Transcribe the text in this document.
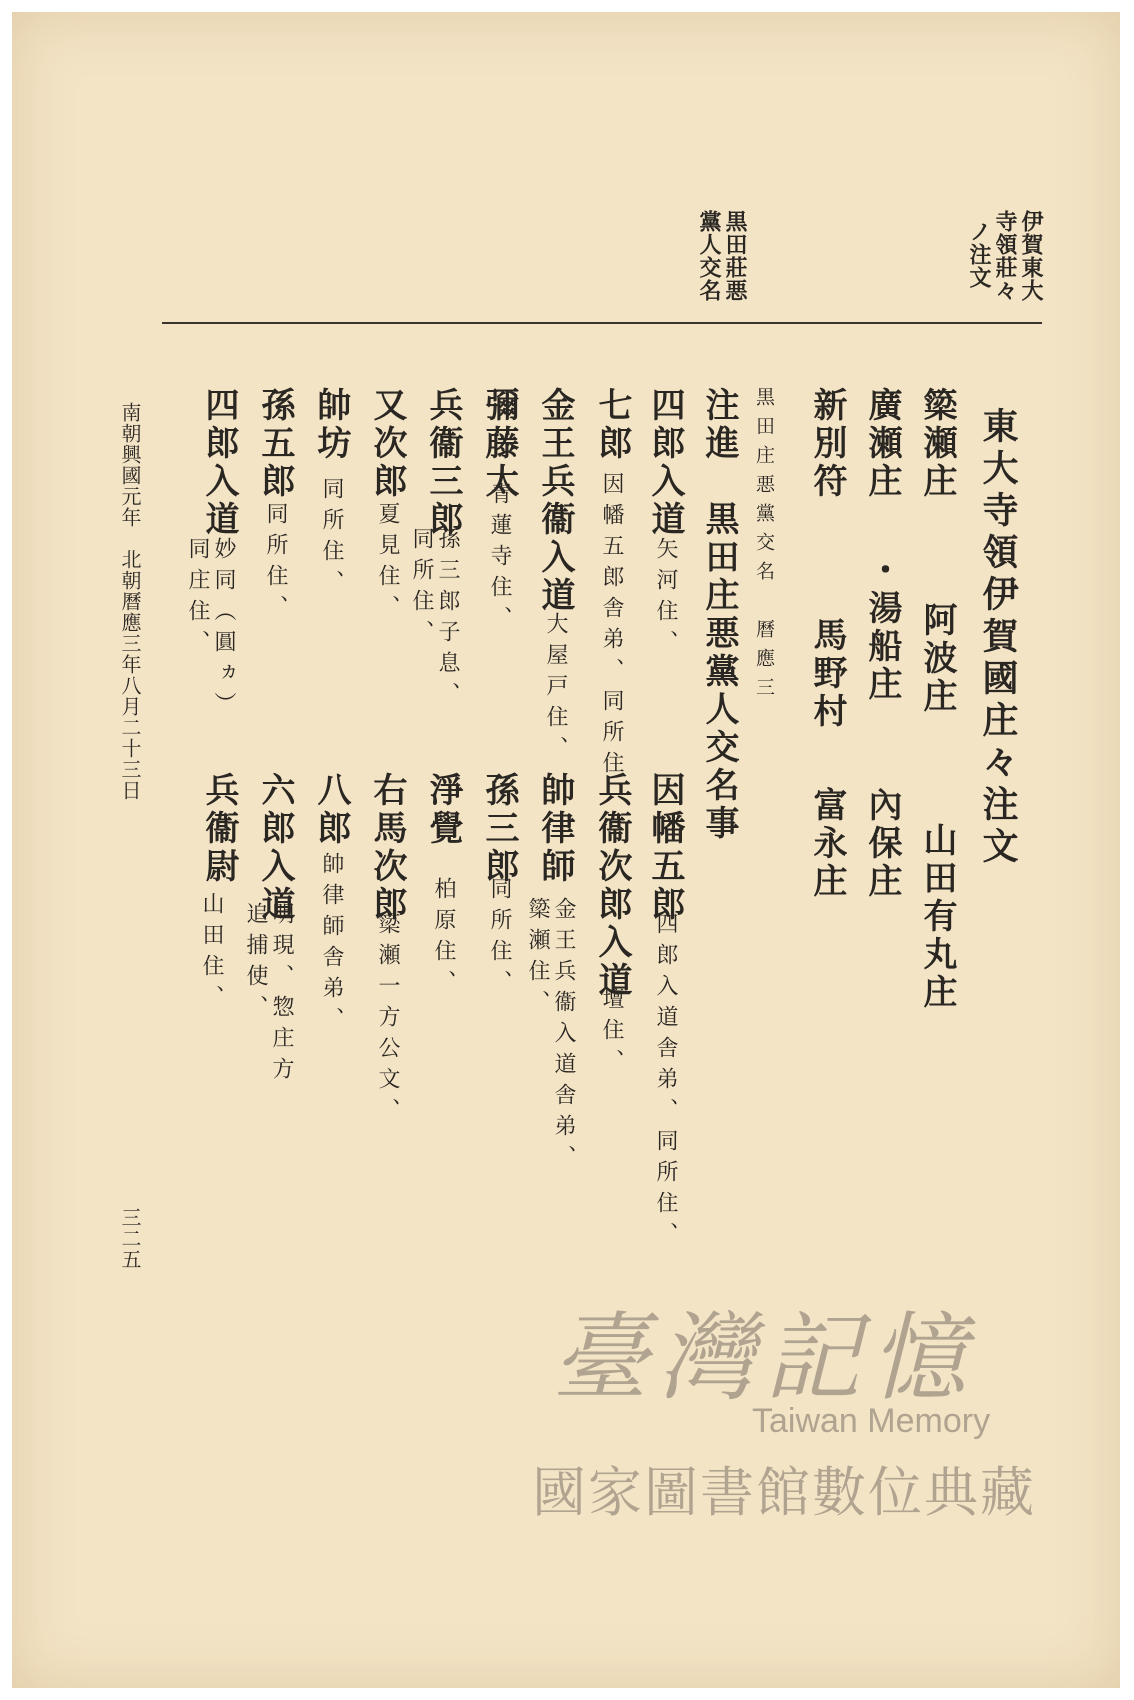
伊賀東大
寺領莊々
ノ注文
黒田莊悪
黨人交名
東大寺領伊賀國庄々注文
簗瀬庄
阿波庄
山田有丸庄
廣瀬庄
・湯船庄
內保庄
新別符
馬野村
富永庄
黒田庄悪黨交名　曆應三
注進　黒田庄悪黨人交名事
四郎入道
矢河住、
因幡五郎
四郎入道舎弟、同所住、
七郎
因幡五郎舎弟、同所住、
兵衞次郎入道
壇住、
金王兵衞入道
大屋戸住、
帥律師
金王兵衞入道舎弟、
簗瀬住、
彌藤太
青蓮寺住、
孫三郎
同所住、
兵衞三郎
孫三郎子息、
同所住、
淨覺
柏原住、
又次郎
夏見住、
右馬次郎
簗瀬一方公文、
帥坊
同所住、
八郎
帥律師舎弟、
孫五郎
同所住、
六郎入道
明現、惣庄方
追捕使、
四郎入道
妙同（圓ヵ）
同庄住、
兵衞尉
山田住、
南朝興國元年　北朝曆應三年八月二十三日
三二五
臺灣記憶
Taiwan Memory
國家圖書館數位典藏
